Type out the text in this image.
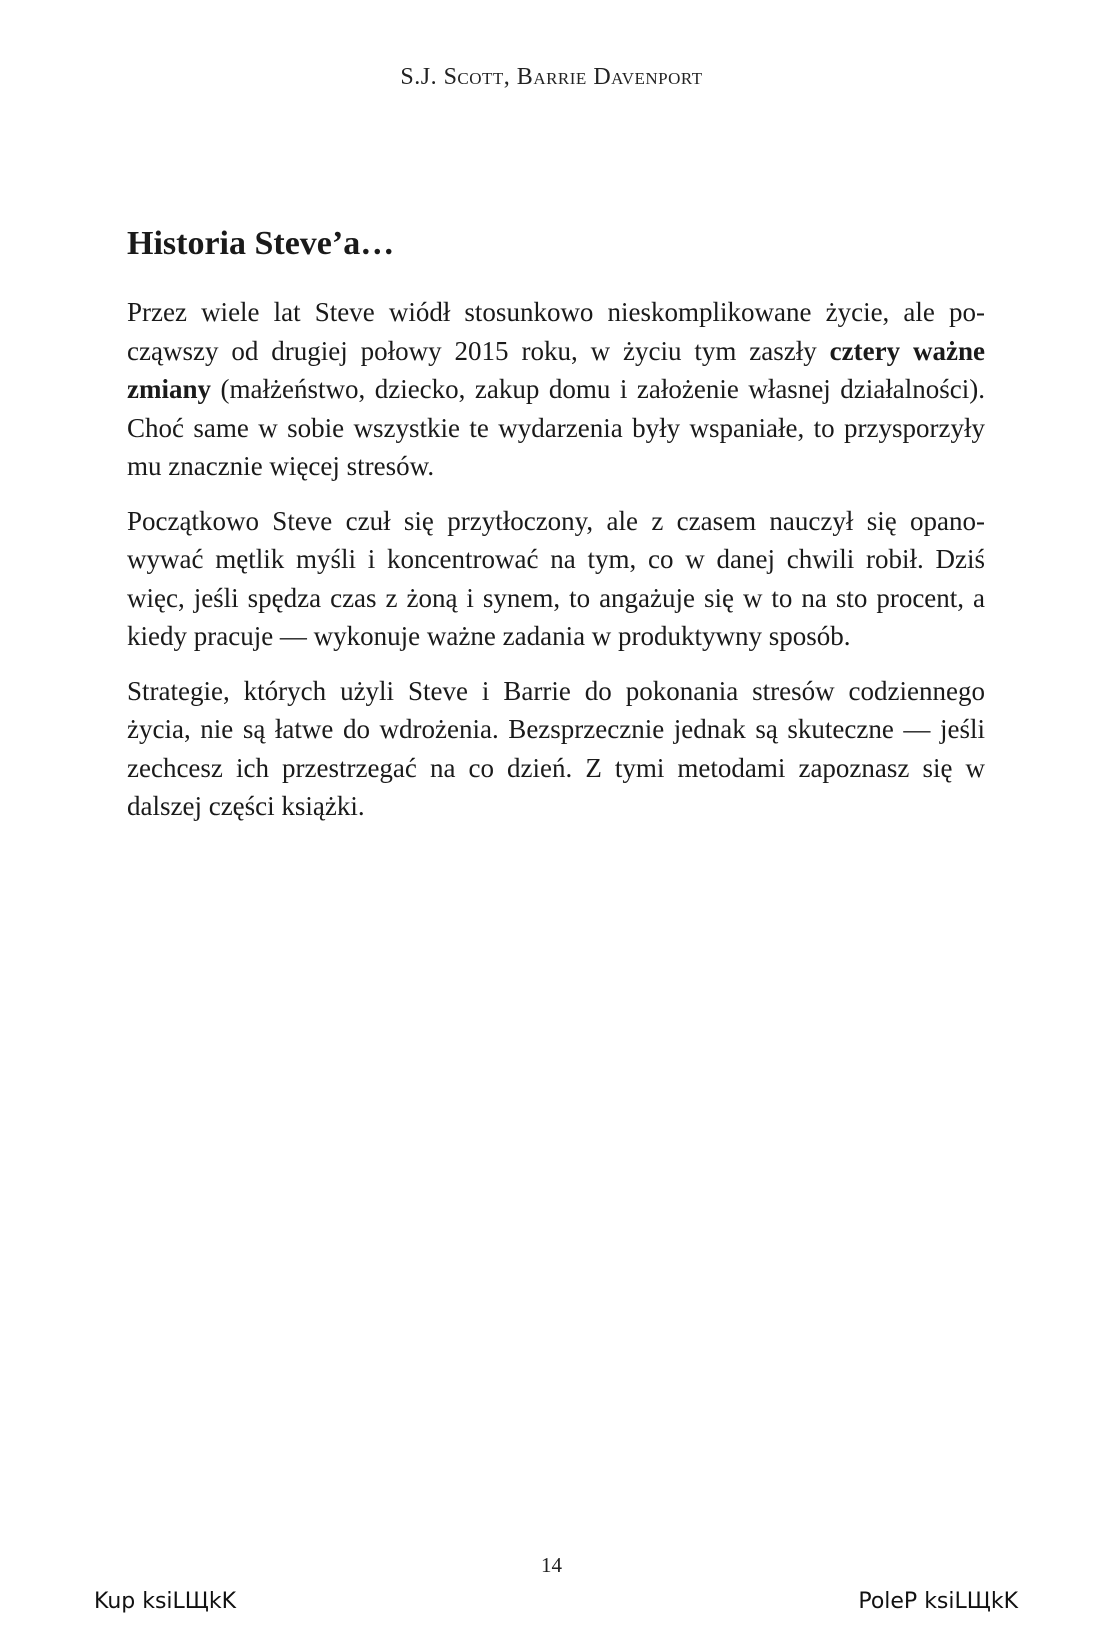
S.J. Scott, Barrie Davenport
Historia Steve’a…

Przez wiele lat Steve wiódł stosunkowo nieskomplikowane życie, ale począwszy od drugiej połowy 2015 roku, w życiu tym zaszły cztery ważne zmiany (małżeństwo, dziecko, zakup domu i założenie własnej działalności). Choć same w sobie wszystkie te wydarzenia były wspaniałe, to przysporzyły mu znacznie więcej stresów.

Początkowo Steve czuł się przytłoczony, ale z czasem nauczył się opanowywać mętlik myśli i koncentrować na tym, co w danej chwili robił. Dziś więc, jeśli spędza czas z żoną i synem, to angażuje się w to na sto procent, a kiedy pracuje — wykonuje ważne zadania w produktywny sposób.

Strategie, których użyli Steve i Barrie do pokonania stresów codziennego życia, nie są łatwe do wdrożenia. Bezsprzecznie jednak są skuteczne — jeśli zechcesz ich przestrzegać na co dzień. Z tymi metodami zapoznasz się w dalszej części książki.

14
Kup ksiLЩkK	PoleP ksiLЩkK
